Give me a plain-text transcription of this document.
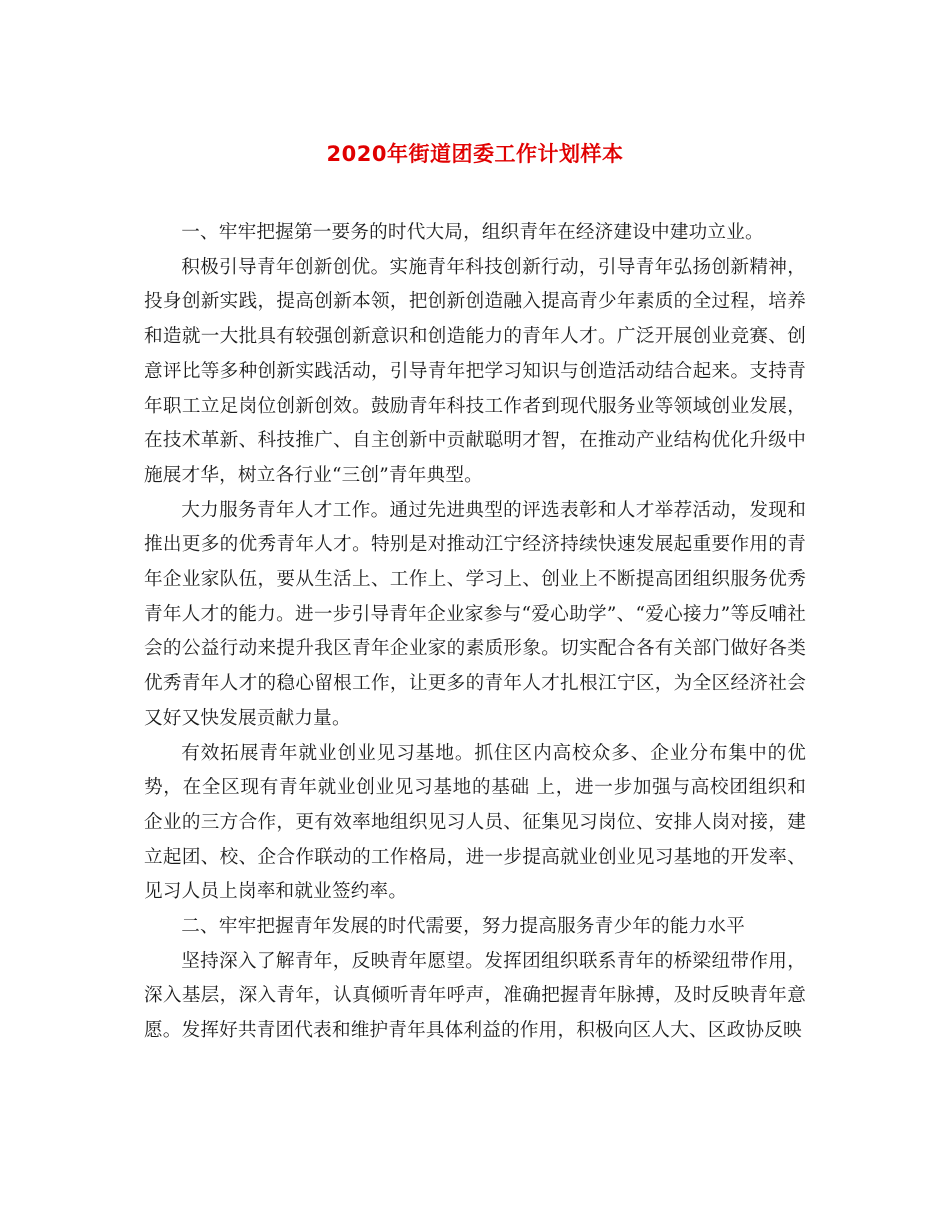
2020年街道团委工作计划样本

一、牢牢把握第一要务的时代大局，组织青年在经济建设中建功立业。

积极引导青年创新创优。实施青年科技创新行动，引导青年弘扬创新精神，投身创新实践，提高创新本领，把创新创造融入提高青少年素质的全过程，培养和造就一大批具有较强创新意识和创造能力的青年人才。广泛开展创业竞赛、创意评比等多种创新实践活动，引导青年把学习知识与创造活动结合起来。支持青年职工立足岗位创新创效。鼓励青年科技工作者到现代服务业等领域创业发展，在技术革新、科技推广、自主创新中贡献聪明才智，在推动产业结构优化升级中施展才华，树立各行业“三创”青年典型。

大力服务青年人才工作。通过先进典型的评选表彰和人才举荐活动，发现和推出更多的优秀青年人才。特别是对推动江宁经济持续快速发展起重要作用的青年企业家队伍，要从生活上、工作上、学习上、创业上不断提高团组织服务优秀青年人才的能力。进一步引导青年企业家参与“爱心助学”、“爱心接力”等反哺社会的公益行动来提升我区青年企业家的素质形象。切实配合各有关部门做好各类优秀青年人才的稳心留根工作，让更多的青年人才扎根江宁区，为全区经济社会又好又快发展贡献力量。

有效拓展青年就业创业见习基地。抓住区内高校众多、企业分布集中的优势，在全区现有青年就业创业见习基地的基础 上，进一步加强与高校团组织和企业的三方合作，更有效率地组织见习人员、征集见习岗位、安排人岗对接，建立起团、校、企合作联动的工作格局，进一步提高就业创业见习基地的开发率、见习人员上岗率和就业签约率。

二、牢牢把握青年发展的时代需要，努力提高服务青少年的能力水平

坚持深入了解青年，反映青年愿望。发挥团组织联系青年的桥梁纽带作用，深入基层，深入青年，认真倾听青年呼声，准确把握青年脉搏，及时反映青年意愿。发挥好共青团代表和维护青年具体利益的作用，积极向区人大、区政协反映
